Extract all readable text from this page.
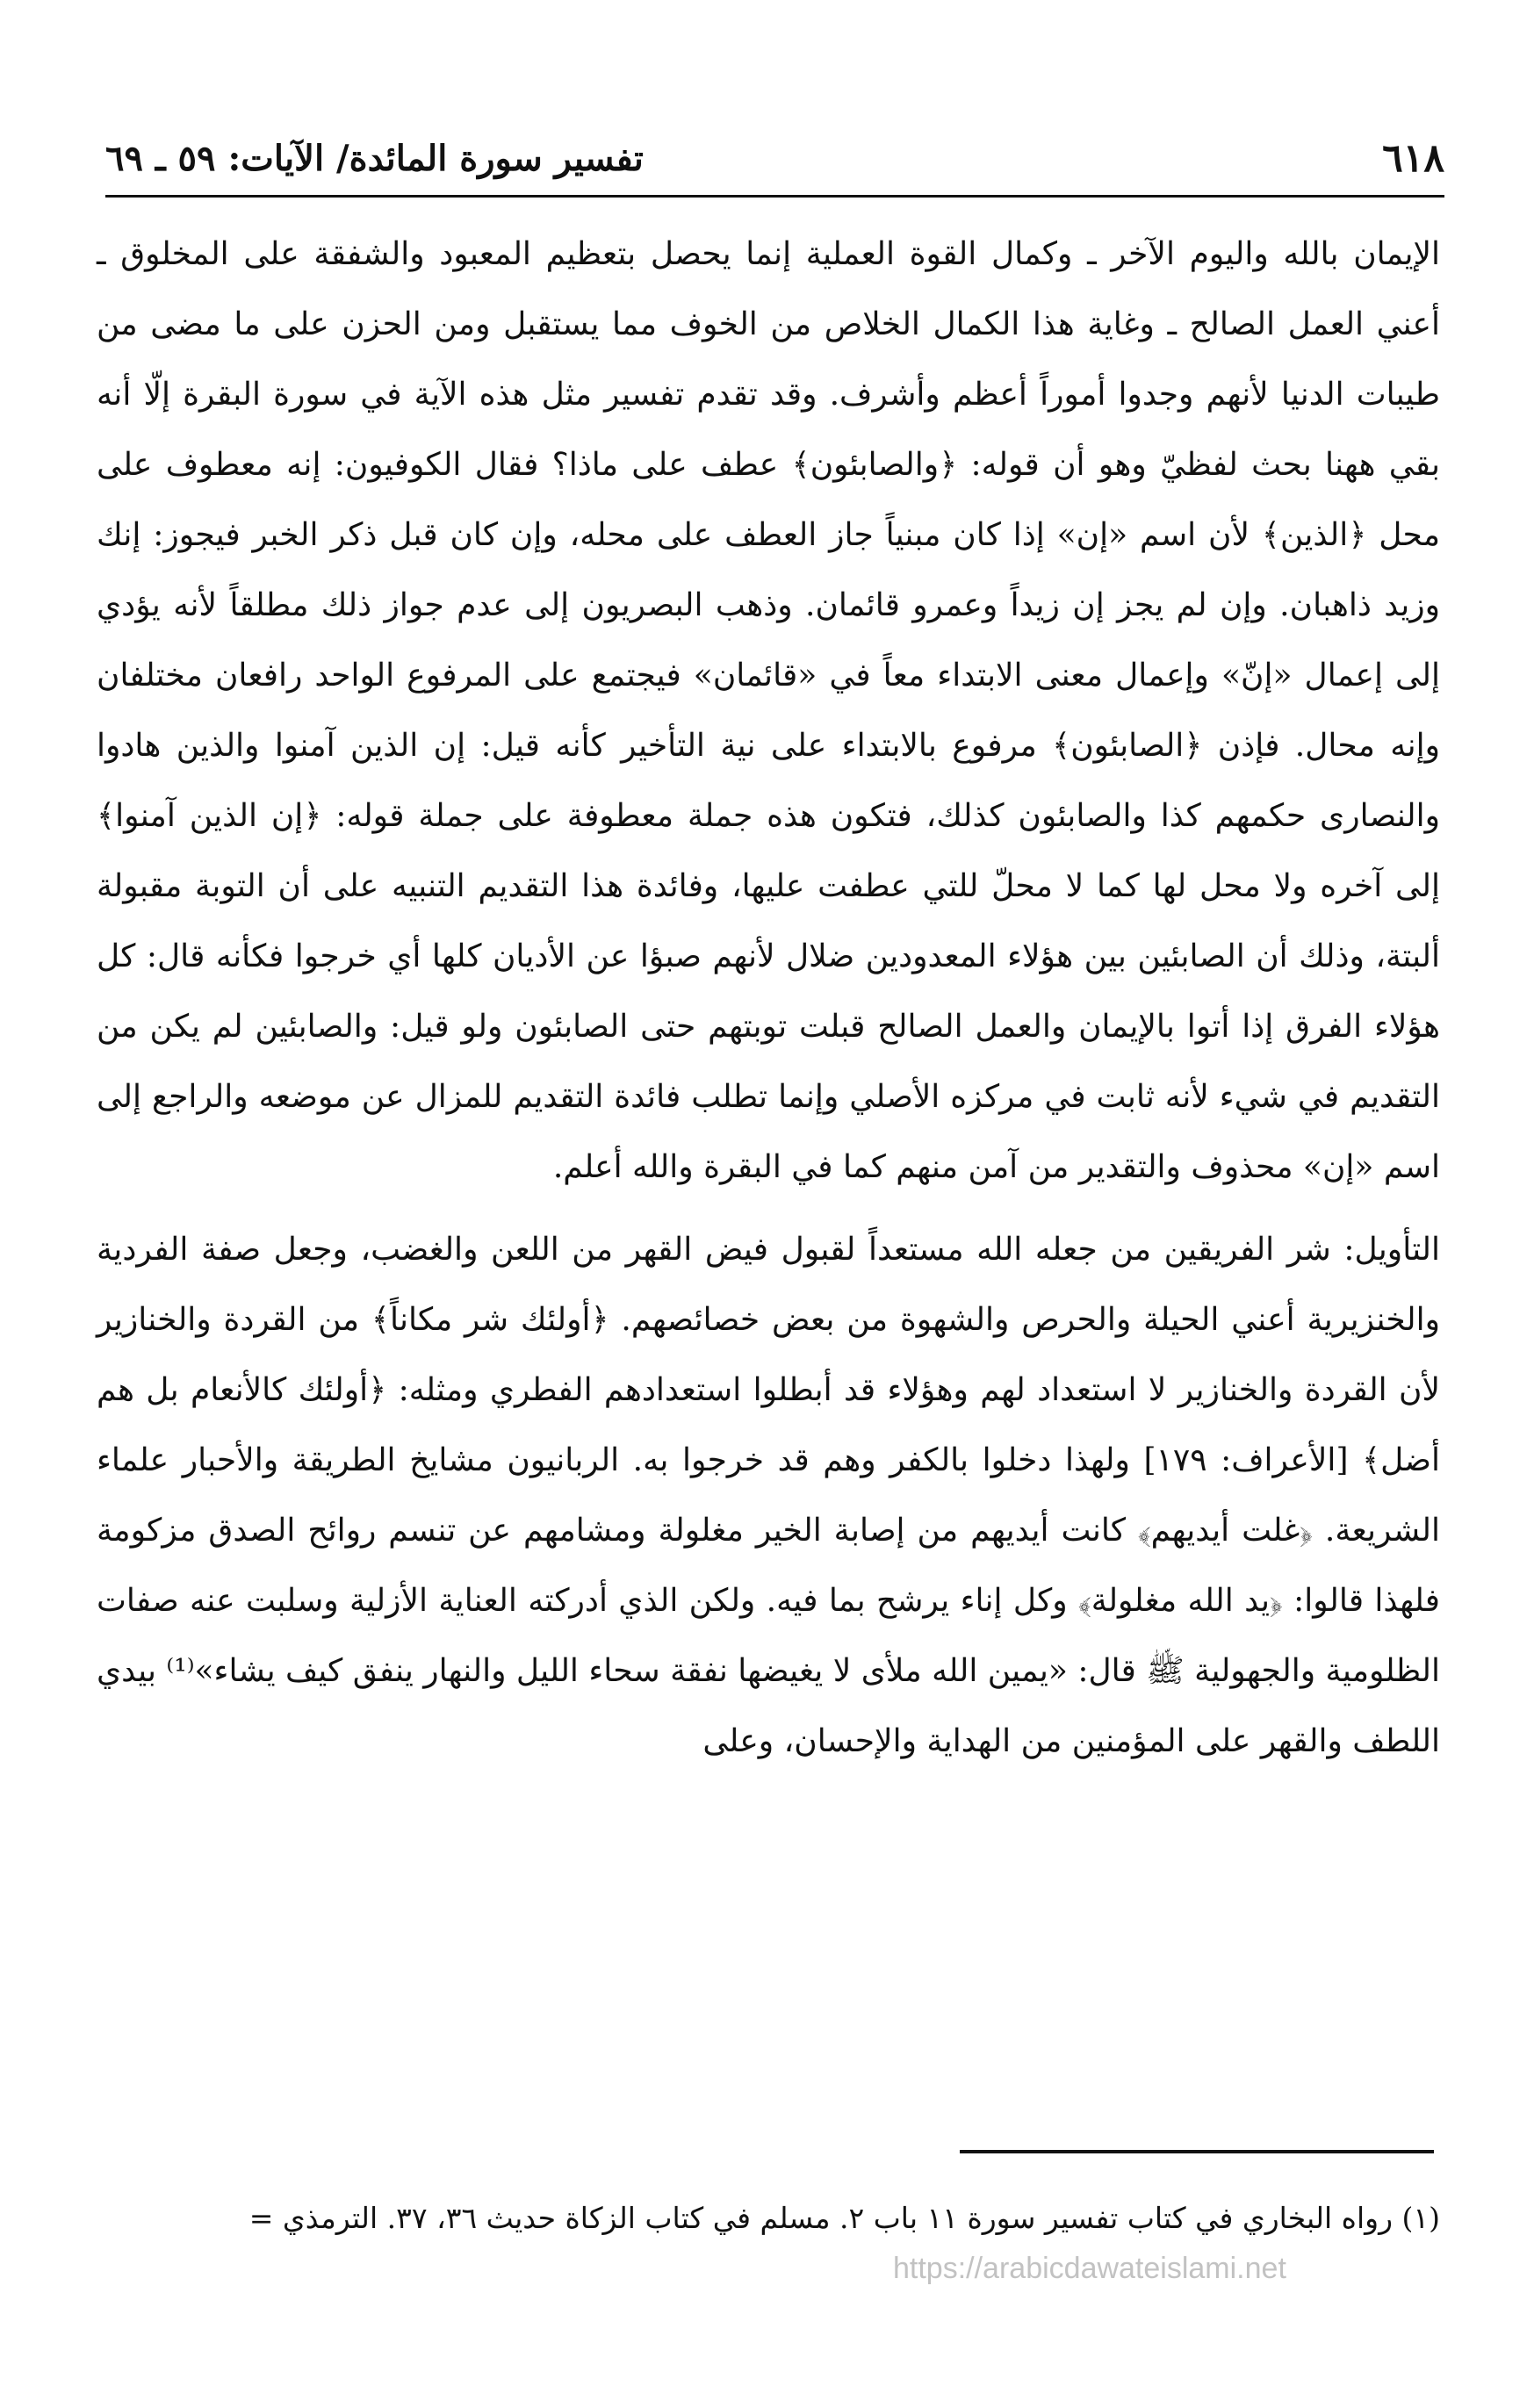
٦١٨
تفسير سورة المائدة/ الآيات: ٥٩ ـ ٦٩

الإيمان بالله واليوم الآخر ـ وكمال القوة العملية إنما يحصل بتعظيم المعبود والشفقة على المخلوق ـ أعني العمل الصالح ـ وغاية هذا الكمال الخلاص من الخوف مما يستقبل ومن الحزن على ما مضى من طيبات الدنيا لأنهم وجدوا أموراً أعظم وأشرف. وقد تقدم تفسير مثل هذه الآية في سورة البقرة إلّا أنه بقي ههنا بحث لفظيّ وهو أن قوله: ﴿والصابئون﴾ عطف على ماذا؟ فقال الكوفيون: إنه معطوف على محل ﴿الذين﴾ لأن اسم «إن» إذا كان مبنياً جاز العطف على محله، وإن كان قبل ذكر الخبر فيجوز: إنك وزيد ذاهبان. وإن لم يجز إن زيداً وعمرو قائمان. وذهب البصريون إلى عدم جواز ذلك مطلقاً لأنه يؤدي إلى إعمال «إنّ» وإعمال معنى الابتداء معاً في «قائمان» فيجتمع على المرفوع الواحد رافعان مختلفان وإنه محال. فإذن ﴿الصابئون﴾ مرفوع بالابتداء على نية التأخير كأنه قيل: إن الذين آمنوا والذين هادوا والنصارى حكمهم كذا والصابئون كذلك، فتكون هذه جملة معطوفة على جملة قوله: ﴿إن الذين آمنوا﴾ إلى آخره ولا محل لها كما لا محلّ للتي عطفت عليها، وفائدة هذا التقديم التنبيه على أن التوبة مقبولة ألبتة، وذلك أن الصابئين بين هؤلاء المعدودين ضلال لأنهم صبؤا عن الأديان كلها أي خرجوا فكأنه قال: كل هؤلاء الفرق إذا أتوا بالإيمان والعمل الصالح قبلت توبتهم حتى الصابئون ولو قيل: والصابئين لم يكن من التقديم في شيء لأنه ثابت في مركزه الأصلي وإنما تطلب فائدة التقديم للمزال عن موضعه والراجع إلى اسم «إن» محذوف والتقدير من آمن منهم كما في البقرة والله أعلم.

التأويل: شر الفريقين من جعله الله مستعداً لقبول فيض القهر من اللعن والغضب، وجعل صفة الفردية والخنزيرية أعني الحيلة والحرص والشهوة من بعض خصائصهم. ﴿أولئك شر مكاناً﴾ من القردة والخنازير لأن القردة والخنازير لا استعداد لهم وهؤلاء قد أبطلوا استعدادهم الفطري ومثله: ﴿أولئك كالأنعام بل هم أضل﴾ [الأعراف: ١٧٩] ولهذا دخلوا بالكفر وهم قد خرجوا به. الربانيون مشايخ الطريقة والأحبار علماء الشريعة. ﴿غلت أيديهم﴾ كانت أيديهم من إصابة الخير مغلولة ومشامهم عن تنسم روائح الصدق مزكومة فلهذا قالوا: ﴿يد الله مغلولة﴾ وكل إناء يرشح بما فيه. ولكن الذي أدركته العناية الأزلية وسلبت عنه صفات الظلومية والجهولية ﷺ قال: «يمين الله ملأى لا يغيضها نفقة سحاء الليل والنهار ينفق كيف يشاء»⁽¹⁾ بيدي اللطف والقهر على المؤمنين من الهداية والإحسان، وعلى

(١) رواه البخاري في كتاب تفسير سورة ١١ باب ٢. مسلم في كتاب الزكاة حديث ٣٦، ٣٧. الترمذي =
https://arabicdawateislami.net
